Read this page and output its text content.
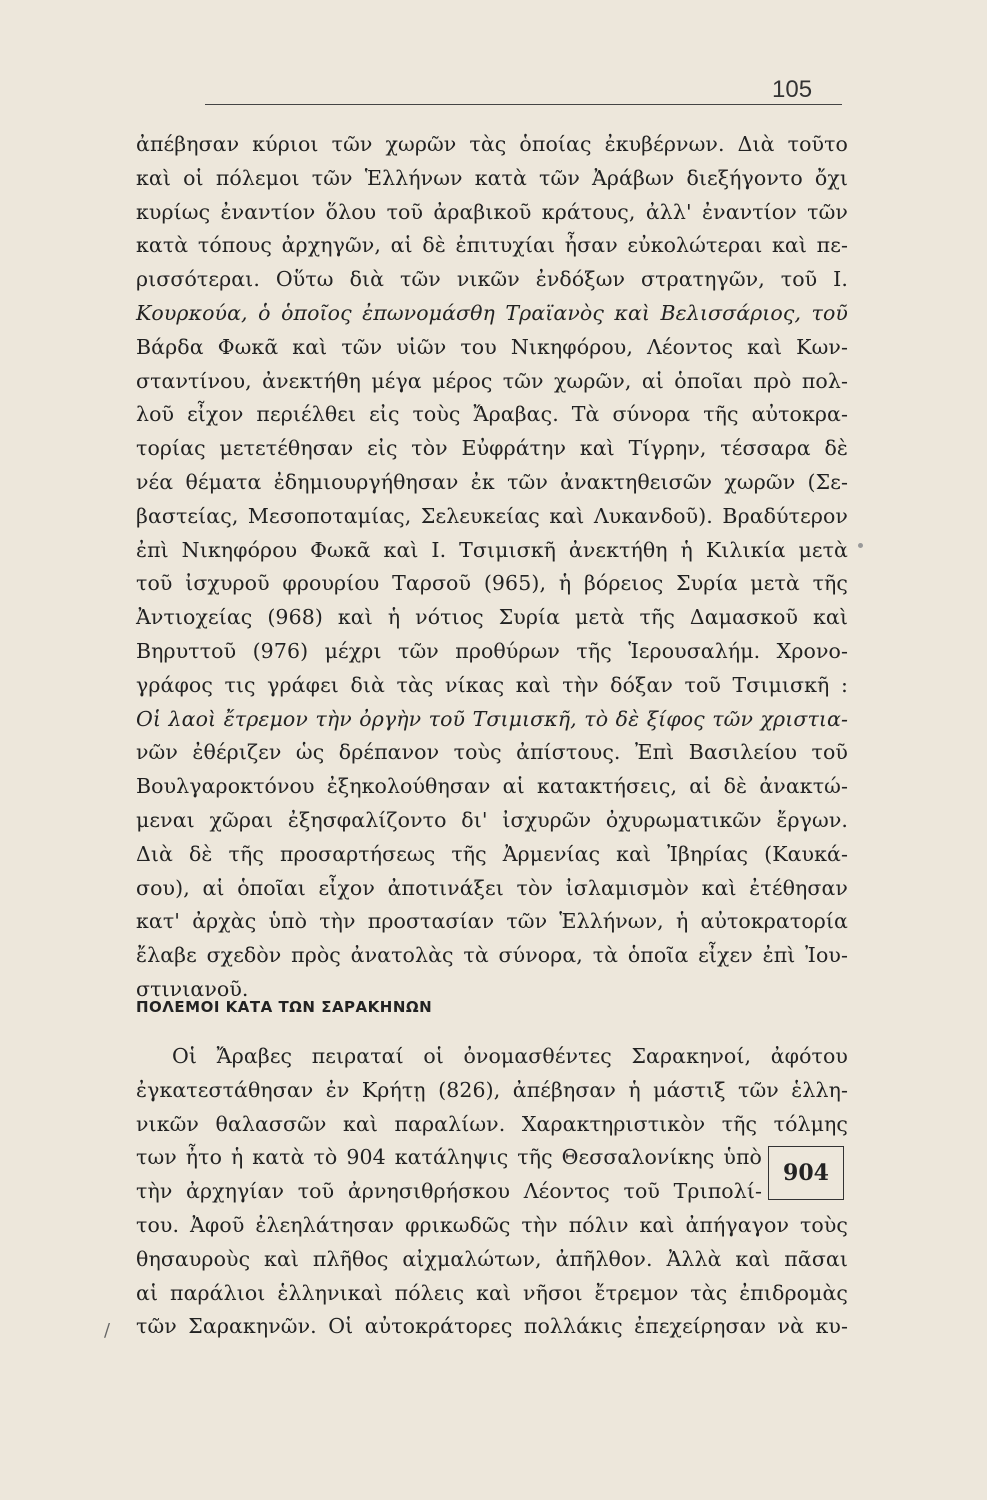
105
ἀπέβησαν κύριοι τῶν χωρῶν τὰς ὁποίας ἐκυβέρνων. Διὰ τοῦτο
καὶ οἱ πόλεμοι τῶν Ἑλλήνων κατὰ τῶν Ἀράβων διεξήγοντο ὄχι
κυρίως ἐναντίον ὅλου τοῦ ἀραβικοῦ κράτους, ἀλλ' ἐναντίον τῶν
κατὰ τόπους ἀρχηγῶν, αἱ δὲ ἐπιτυχίαι ἦσαν εὐκολώτεραι καὶ πε-
ρισσότεραι. Οὕτω διὰ τῶν νικῶν ἐνδόξων στρατηγῶν, τοῦ Ι.
Κουρκούα, ὁ ὁποῖος ἐπωνομάσθη Τραϊανὸς καὶ Βελισσάριος, τοῦ
Βάρδα Φωκᾶ καὶ τῶν υἱῶν του Νικηφόρου, Λέοντος καὶ Κων-
σταντίνου, ἀνεκτήθη μέγα μέρος τῶν χωρῶν, αἱ ὁποῖαι πρὸ πολ-
λοῦ εἶχον περιέλθει εἰς τοὺς Ἄραβας. Τὰ σύνορα τῆς αὐτοκρα-
τορίας μετετέθησαν εἰς τὸν Εὐφράτην καὶ Τίγρην, τέσσαρα δὲ
νέα θέματα ἐδημιουργήθησαν ἐκ τῶν ἀνακτηθεισῶν χωρῶν (Σε-
βαστείας, Μεσοποταμίας, Σελευκείας καὶ Λυκανδοῦ). Βραδύτερον
ἐπὶ Νικηφόρου Φωκᾶ καὶ Ι. Τσιμισκῆ ἀνεκτήθη ἡ Κιλικία μετὰ
τοῦ ἰσχυροῦ φρουρίου Ταρσοῦ (965), ἡ βόρειος Συρία μετὰ τῆς
Ἀντιοχείας (968) καὶ ἡ νότιος Συρία μετὰ τῆς Δαμασκοῦ καὶ
Βηρυττοῦ (976) μέχρι τῶν προθύρων τῆς Ἱερουσαλήμ. Χρονο-
γράφος τις γράφει διὰ τὰς νίκας καὶ τὴν δόξαν τοῦ Τσιμισκῆ :
Οἱ λαοὶ ἔτρεμον τὴν ὀργὴν τοῦ Τσιμισκῆ, τὸ δὲ ξίφος τῶν χριστια-
νῶν ἐθέριζεν ὡς δρέπανον τοὺς ἀπίστους. Ἐπὶ Βασιλείου τοῦ
Βουλγαροκτόνου ἐξηκολούθησαν αἱ κατακτήσεις, αἱ δὲ ἀνακτώ-
μεναι χῶραι ἐξησφαλίζοντο δι' ἰσχυρῶν ὀχυρωματικῶν ἔργων.
Διὰ δὲ τῆς προσαρτήσεως τῆς Ἀρμενίας καὶ Ἰβηρίας (Καυκά-
σου), αἱ ὁποῖαι εἶχον ἀποτινάξει τὸν ἰσλαμισμὸν καὶ ἐτέθησαν
κατ' ἀρχὰς ὑπὸ τὴν προστασίαν τῶν Ἑλλήνων, ἡ αὐτοκρατορία
ἔλαβε σχεδὸν πρὸς ἀνατολὰς τὰ σύνορα, τὰ ὁποῖα εἶχεν ἐπὶ Ἰου-
στινιανοῦ.
ΠΟΛΕΜΟΙ ΚΑΤΑ ΤΩΝ ΣΑΡΑΚΗΝΩΝ
904
Οἱ Ἄραβες πειραταί οἱ ὀνομασθέντες Σαρακηνοί, ἀφότου
ἐγκατεστάθησαν ἐν Κρήτῃ (826), ἀπέβησαν ἡ μάστιξ τῶν ἑλλη-
νικῶν θαλασσῶν καὶ παραλίων. Χαρακτηριστικὸν τῆς τόλμης
των ἦτο ἡ κατὰ τὸ 904 κατάληψις τῆς Θεσσαλονίκης ὑπὸ
τὴν ἀρχηγίαν τοῦ ἀρνησιθρήσκου Λέοντος τοῦ Τριπολί-
του. Ἀφοῦ ἐλεηλάτησαν φρικωδῶς τὴν πόλιν καὶ ἀπήγαγον τοὺς
θησαυροὺς καὶ πλῆθος αἰχμαλώτων, ἀπῆλθον. Ἀλλὰ καὶ πᾶσαι
αἱ παράλιοι ἑλληνικαὶ πόλεις καὶ νῆσοι ἔτρεμον τὰς ἐπιδρομὰς
τῶν Σαρακηνῶν. Οἱ αὐτοκράτορες πολλάκις ἐπεχείρησαν νὰ κυ-
/
